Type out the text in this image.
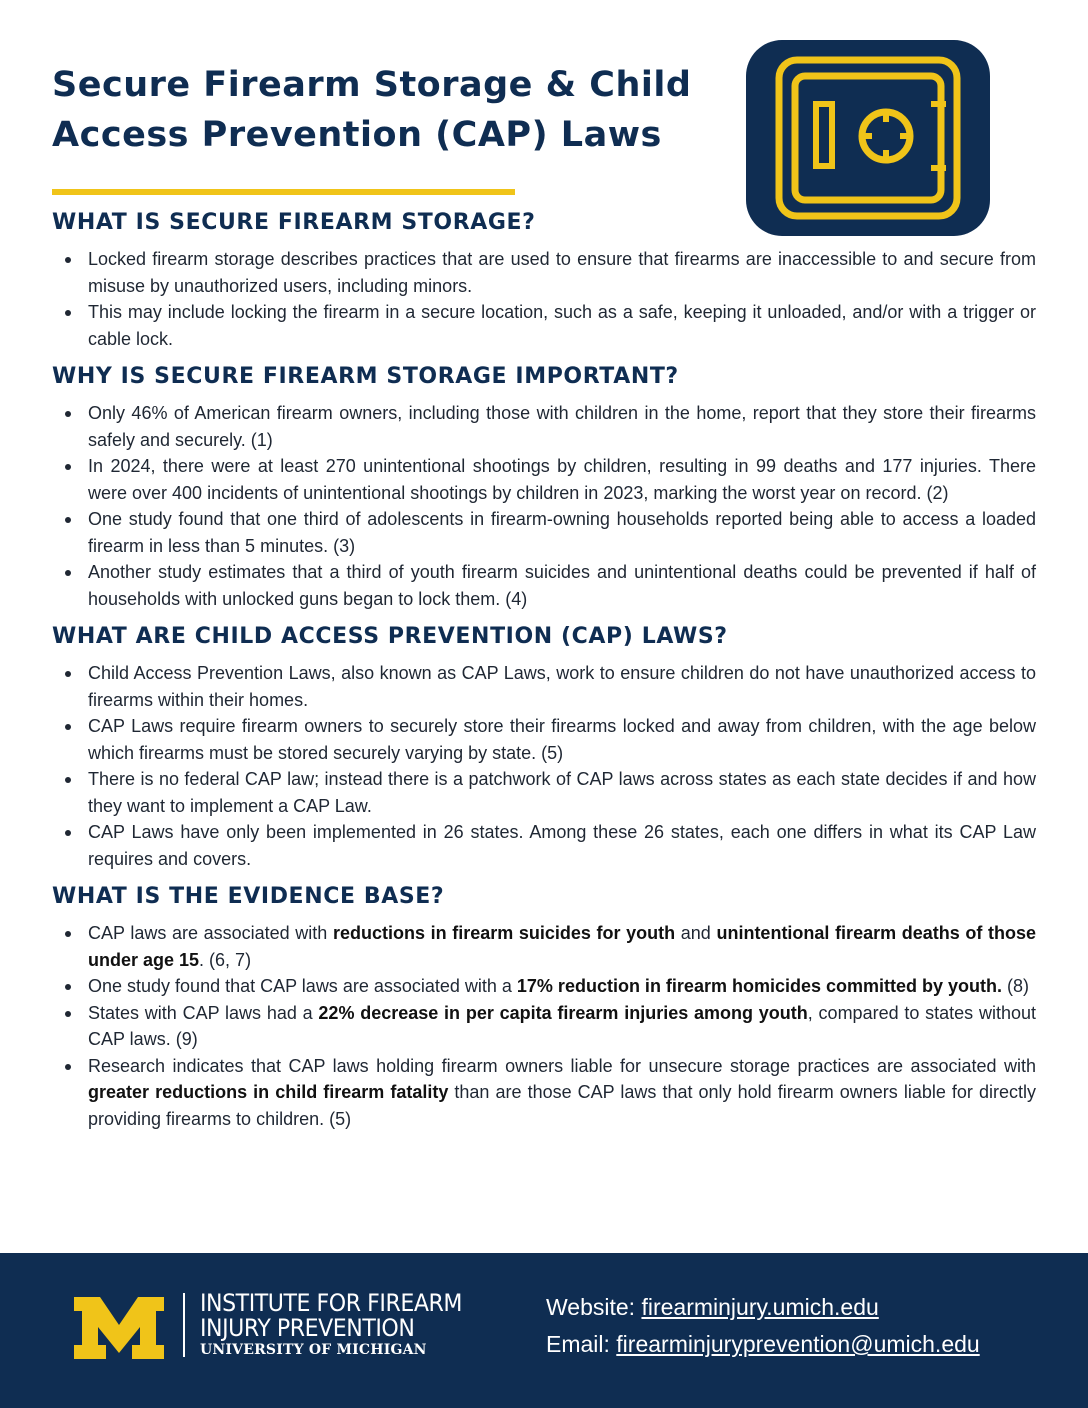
Secure Firearm Storage & Child Access Prevention (CAP) Laws
WHAT IS SECURE FIREARM STORAGE?
Locked firearm storage describes practices that are used to ensure that firearms are inaccessible to and secure from misuse by unauthorized users, including minors.
This may include locking the firearm in a secure location, such as a safe, keeping it unloaded, and/or with a trigger or cable lock.
WHY IS SECURE FIREARM STORAGE IMPORTANT?
Only 46% of American firearm owners, including those with children in the home, report that they store their firearms safely and securely. (1)
In 2024, there were at least 270 unintentional shootings by children, resulting in 99 deaths and 177 injuries. There were over 400 incidents of unintentional shootings by children in 2023, marking the worst year on record. (2)
One study found that one third of adolescents in firearm-owning households reported being able to access a loaded firearm in less than 5 minutes. (3)
Another study estimates that a third of youth firearm suicides and unintentional deaths could be prevented if half of households with unlocked guns began to lock them. (4)
WHAT ARE CHILD ACCESS PREVENTION (CAP) LAWS?
Child Access Prevention Laws, also known as CAP Laws, work to ensure children do not have unauthorized access to firearms within their homes.
CAP Laws require firearm owners to securely store their firearms locked and away from children, with the age below which firearms must be stored securely varying by state. (5)
There is no federal CAP law; instead there is a patchwork of CAP laws across states as each state decides if and how they want to implement a CAP Law.
CAP Laws have only been implemented in 26 states. Among these 26 states, each one differs in what its CAP Law requires and covers.
WHAT IS THE EVIDENCE BASE?
CAP laws are associated with reductions in firearm suicides for youth and unintentional firearm deaths of those under age 15. (6, 7)
One study found that CAP laws are associated with a 17% reduction in firearm homicides committed by youth. (8)
States with CAP laws had a 22% decrease in per capita firearm injuries among youth, compared to states without CAP laws. (9)
Research indicates that CAP laws holding firearm owners liable for unsecure storage practices are associated with greater reductions in child firearm fatality than are those CAP laws that only hold firearm owners liable for directly providing firearms to children. (5)
INSTITUTE FOR FIREARM
INJURY PREVENTION
UNIVERSITY OF MICHIGAN
Website: firearminjury.umich.edu
Email: firearminjuryprevention@umich.edu
